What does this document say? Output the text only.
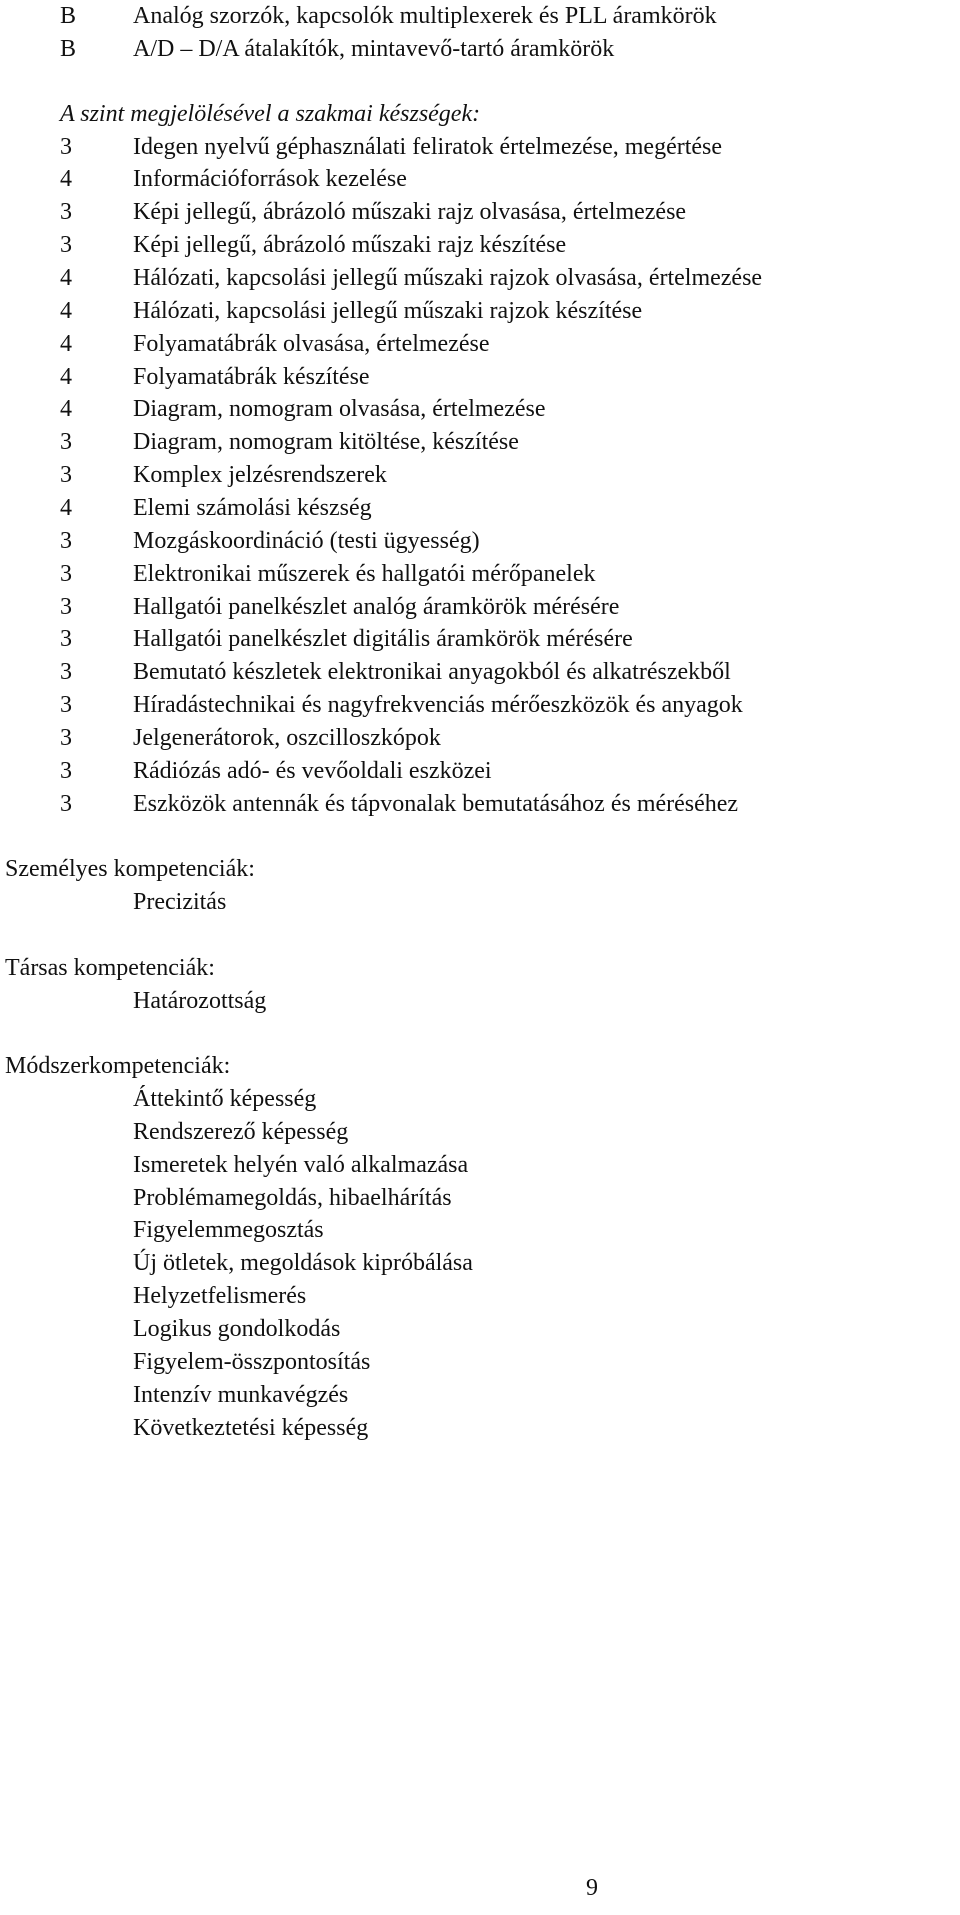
B	Analóg szorzók, kapcsolók multiplexerek és PLL áramkörök
B	A/D – D/A átalakítók, mintavevő-tartó áramkörök
A szint megjelölésével a szakmai készségek:
3	Idegen nyelvű géphasználati feliratok értelmezése, megértése
4	Információforrások kezelése
3	Képi jellegű, ábrázoló műszaki rajz olvasása, értelmezése
3	Képi jellegű, ábrázoló műszaki rajz készítése
4	Hálózati, kapcsolási jellegű műszaki rajzok olvasása, értelmezése
4	Hálózati, kapcsolási jellegű műszaki rajzok készítése
4	Folyamatábrák olvasása, értelmezése
4	Folyamatábrák készítése
4	Diagram, nomogram olvasása, értelmezése
3	Diagram, nomogram kitöltése, készítése
3	Komplex jelzésrendszerek
4	Elemi számolási készség
3	Mozgáskoordináció (testi ügyesség)
3	Elektronikai műszerek és hallgatói mérőpanelek
3	Hallgatói panelkészlet analóg áramkörök mérésére
3	Hallgatói panelkészlet digitális áramkörök mérésére
3	Bemutató készletek elektronikai anyagokból és alkatrészekből
3	Híradástechnikai és nagyfrekvenciás mérőeszközök és anyagok
3	Jelgenerátorok, oszcilloszkópok
3	Rádiózás adó- és vevőoldali eszközei
3	Eszközök antennák és tápvonalak bemutatásához és méréséhez
Személyes kompetenciák:
Precizitás
Társas kompetenciák:
Határozottság
Módszerkompetenciák:
Áttekintő képesség
Rendszerező képesség
Ismeretek helyén való alkalmazása
Problémamegoldás, hibaelhárítás
Figyelemmegosztás
Új ötletek, megoldások kipróbálása
Helyzetfelismerés
Logikus gondolkodás
Figyelem-összpontosítás
Intenzív munkavégzés
Következtetési képesség
9
